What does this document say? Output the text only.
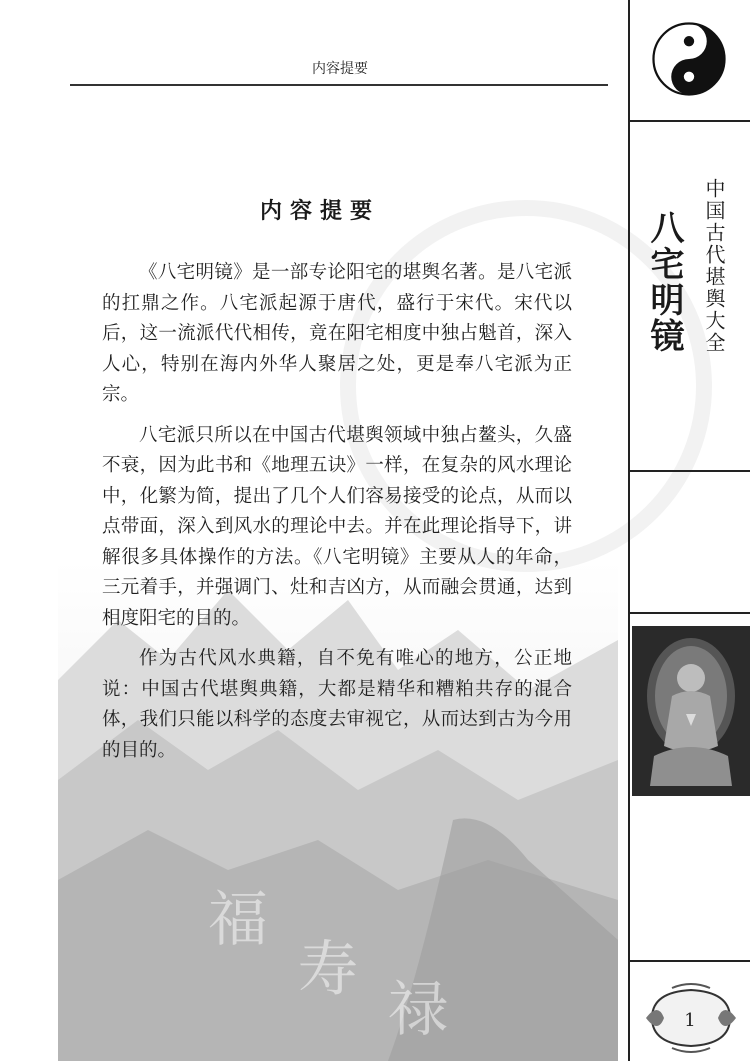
福
寿
禄
内容提要
内容提要

《八宅明镜》是一部专论阳宅的堪舆名著。是八宅派的扛鼎之作。八宅派起源于唐代，盛行于宋代。宋代以后，这一流派代代相传，竟在阳宅相度中独占魁首，深入人心，特别在海内外华人聚居之处，更是奉八宅派为正宗。

八宅派只所以在中国古代堪舆领域中独占鳌头，久盛不衰，因为此书和《地理五诀》一样，在复杂的风水理论中，化繁为简，提出了几个人们容易接受的论点，从而以点带面，深入到风水的理论中去。并在此理论指导下，讲解很多具体操作的方法。《八宅明镜》主要从人的年命，三元着手，并强调门、灶和吉凶方，从而融会贯通，达到相度阳宅的目的。

作为古代风水典籍，自不免有唯心的地方，公正地说：中国古代堪舆典籍，大都是精华和糟粕共存的混合体，我们只能以科学的态度去审视它，从而达到古为今用的目的。

中国古代堪舆大全
八宅明镜
1
